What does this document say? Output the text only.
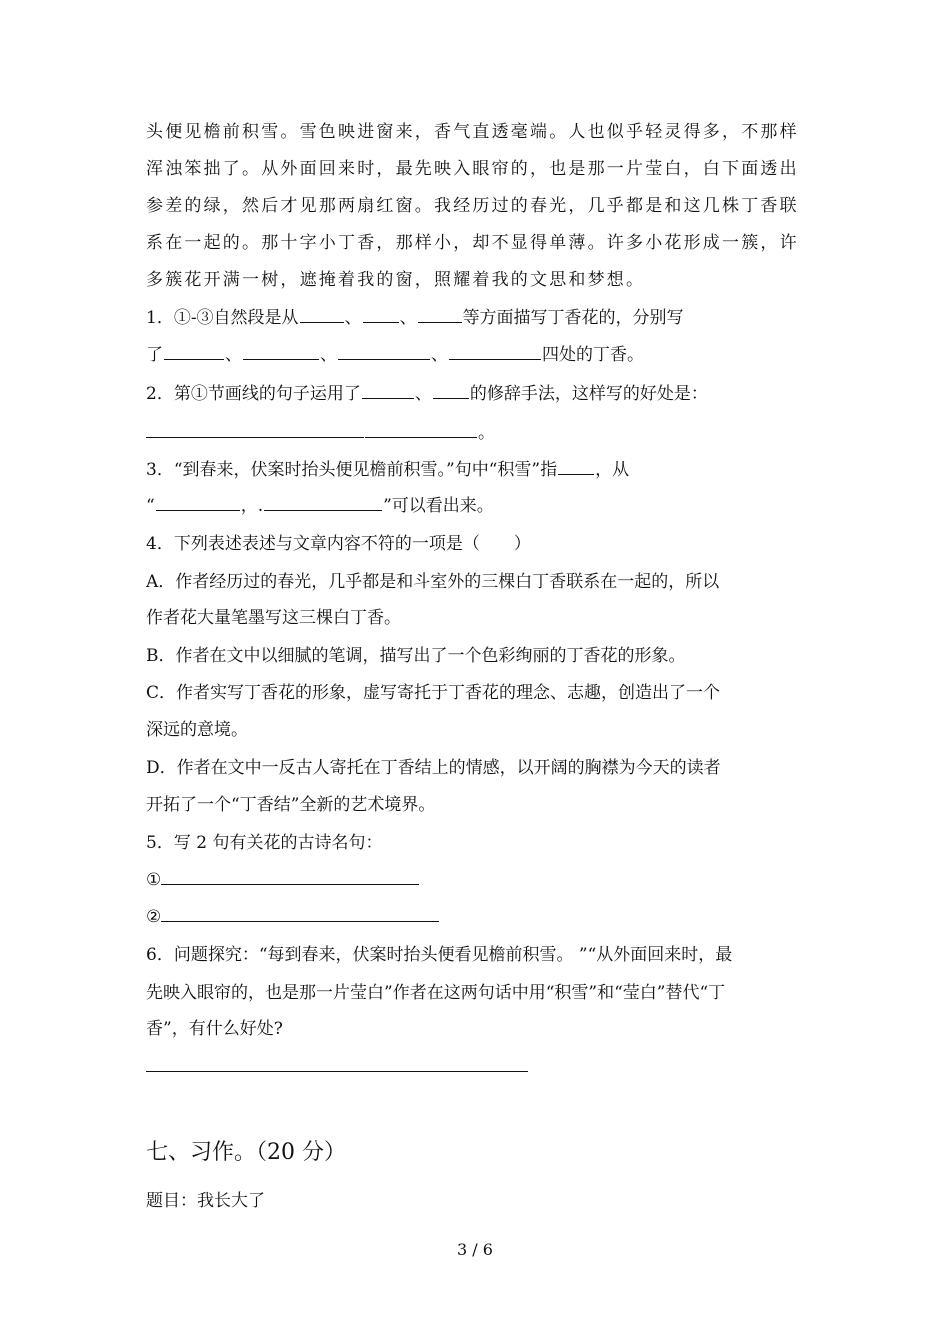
头便见檐前积雪。雪色映进窗来，香气直透毫端。人也似乎轻灵得多，不那样
浑浊笨拙了。从外面回来时，最先映入眼帘的，也是那一片莹白，白下面透出
参差的绿，然后才见那两扇红窗。我经历过的春光，几乎都是和这几株丁香联
系在一起的。那十字小丁香，那样小，却不显得单薄。许多小花形成一簇，许
多簇花开满一树，遮掩着我的窗，照耀着我的文思和梦想。
1．①-③自然段是从	、 、	等方面描写丁香花的，分别写
了	、	、	、	四处的丁香。
2．第①节画线的句子运用了	、 的修辞手法，这样写的好处是：
。
3．“到春来，伏案时抬头便见檐前积雪。”句中“积雪”指 ，从
“	，.	”可以看出来。
4．下列表述表述与文章内容不符的一项是（　　）
A．作者经历过的春光，几乎都是和斗室外的三棵白丁香联系在一起的，所以
作者花大量笔墨写这三棵白丁香。
B．作者在文中以细腻的笔调，描写出了一个色彩绚丽的丁香花的形象。
C．作者实写丁香花的形象，虚写寄托于丁香花的理念、志趣，创造出了一个
深远的意境。
D．作者在文中一反古人寄托在丁香结上的情感，以开阔的胸襟为今天的读者
开拓了一个“丁香结”全新的艺术境界。
5．写 2 句有关花的古诗名句：
①
②
6．问题探究：“每到春来，伏案时抬头便看见檐前积雪。 ”“从外面回来时，最
先映入眼帘的，也是那一片莹白”作者在这两句话中用“积雪”和“莹白”替代“丁
香”，有什么好处?
七、习作。（20 分）
题目：我长大了
3 / 6
